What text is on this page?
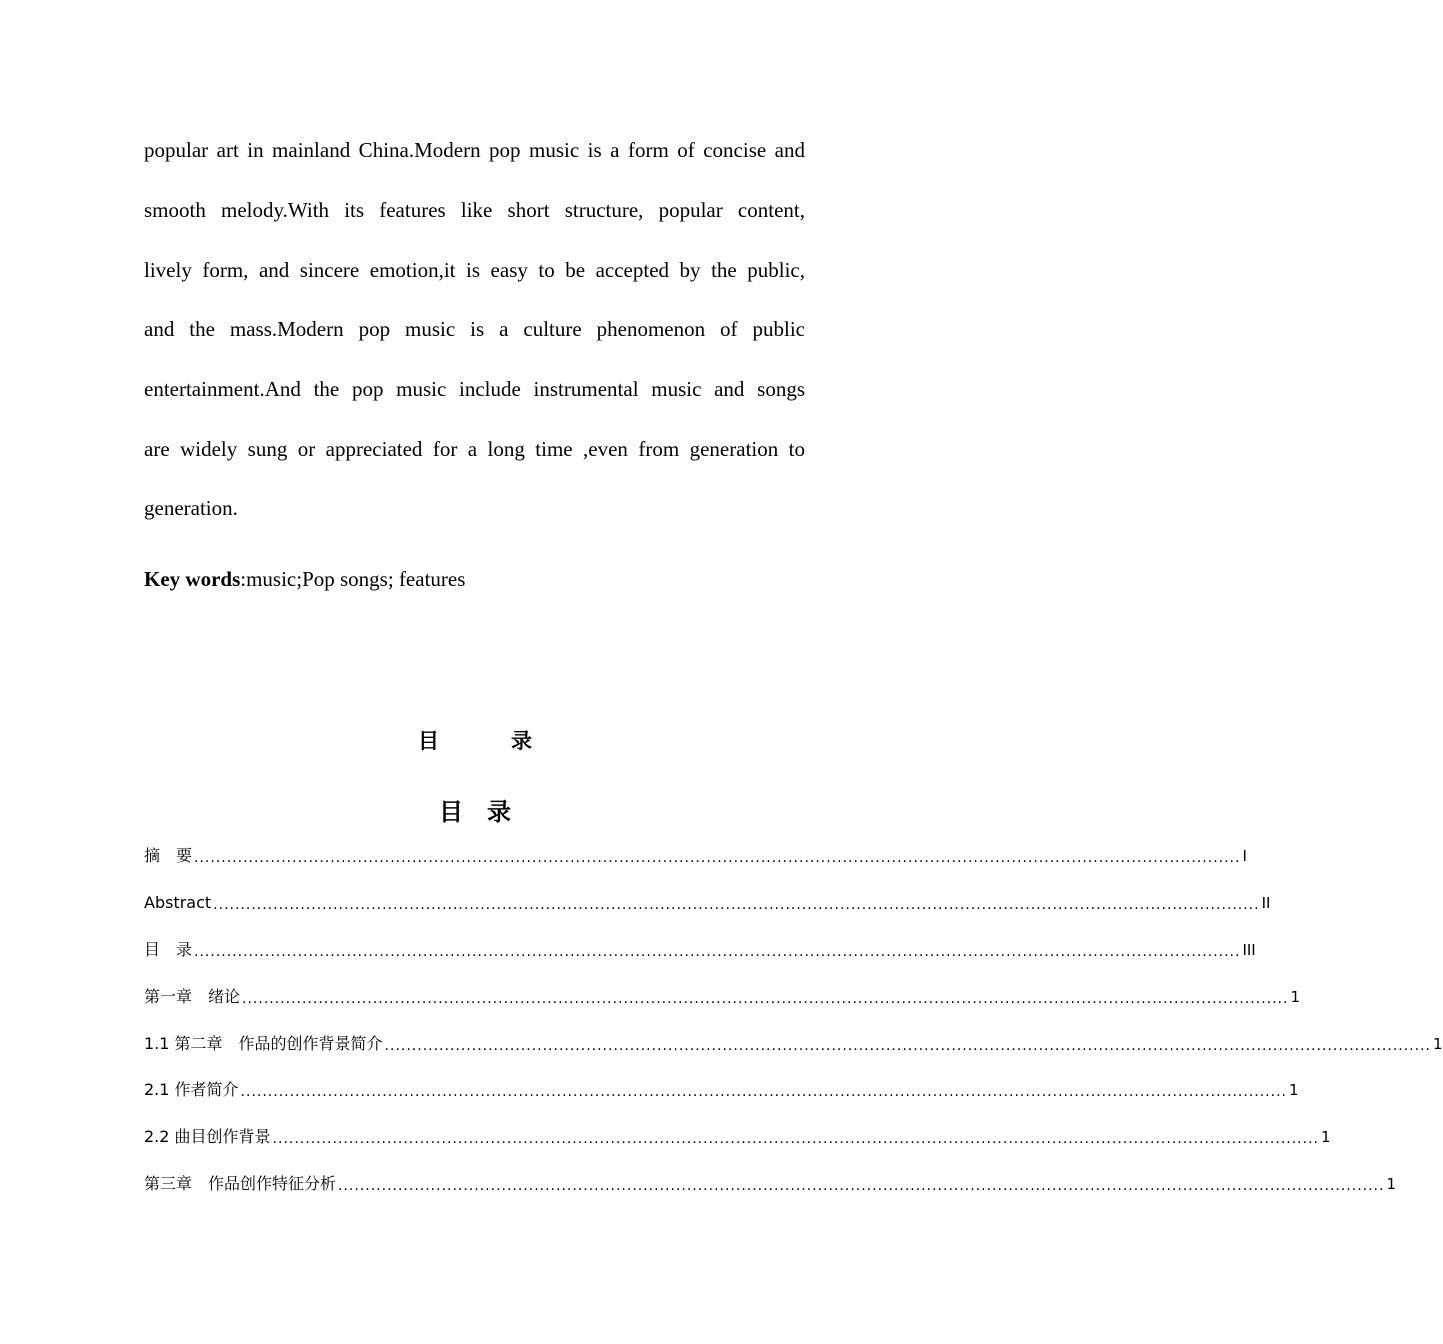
popular art in mainland China.Modern pop music is a form of concise and
smooth melody.With its features like short structure, popular content,
lively form, and sincere emotion,it is easy to be accepted by the public,
and the mass.Modern pop music is a culture phenomenon of public
entertainment.And the pop music include instrumental music and songs
are widely sung or appreciated for a long time ,even from generation to
generation.
Key words:music;Pop songs; features
目录
目录
摘　要 ................................................................................................................................................................................................ I
Abstract ................................................................................................................................................................................................ II
目　录 ................................................................................................................................................................................................ III
第一章　绪论 ................................................................................................................................................................................................ 1
1.1 第二章　作品的创作背景简介 ................................................................................................................................................................................................ 1
2.1 作者简介 ................................................................................................................................................................................................ 1
2.2 曲目创作背景 ................................................................................................................................................................................................ 1
第三章　作品创作特征分析 ................................................................................................................................................................................................ 1
